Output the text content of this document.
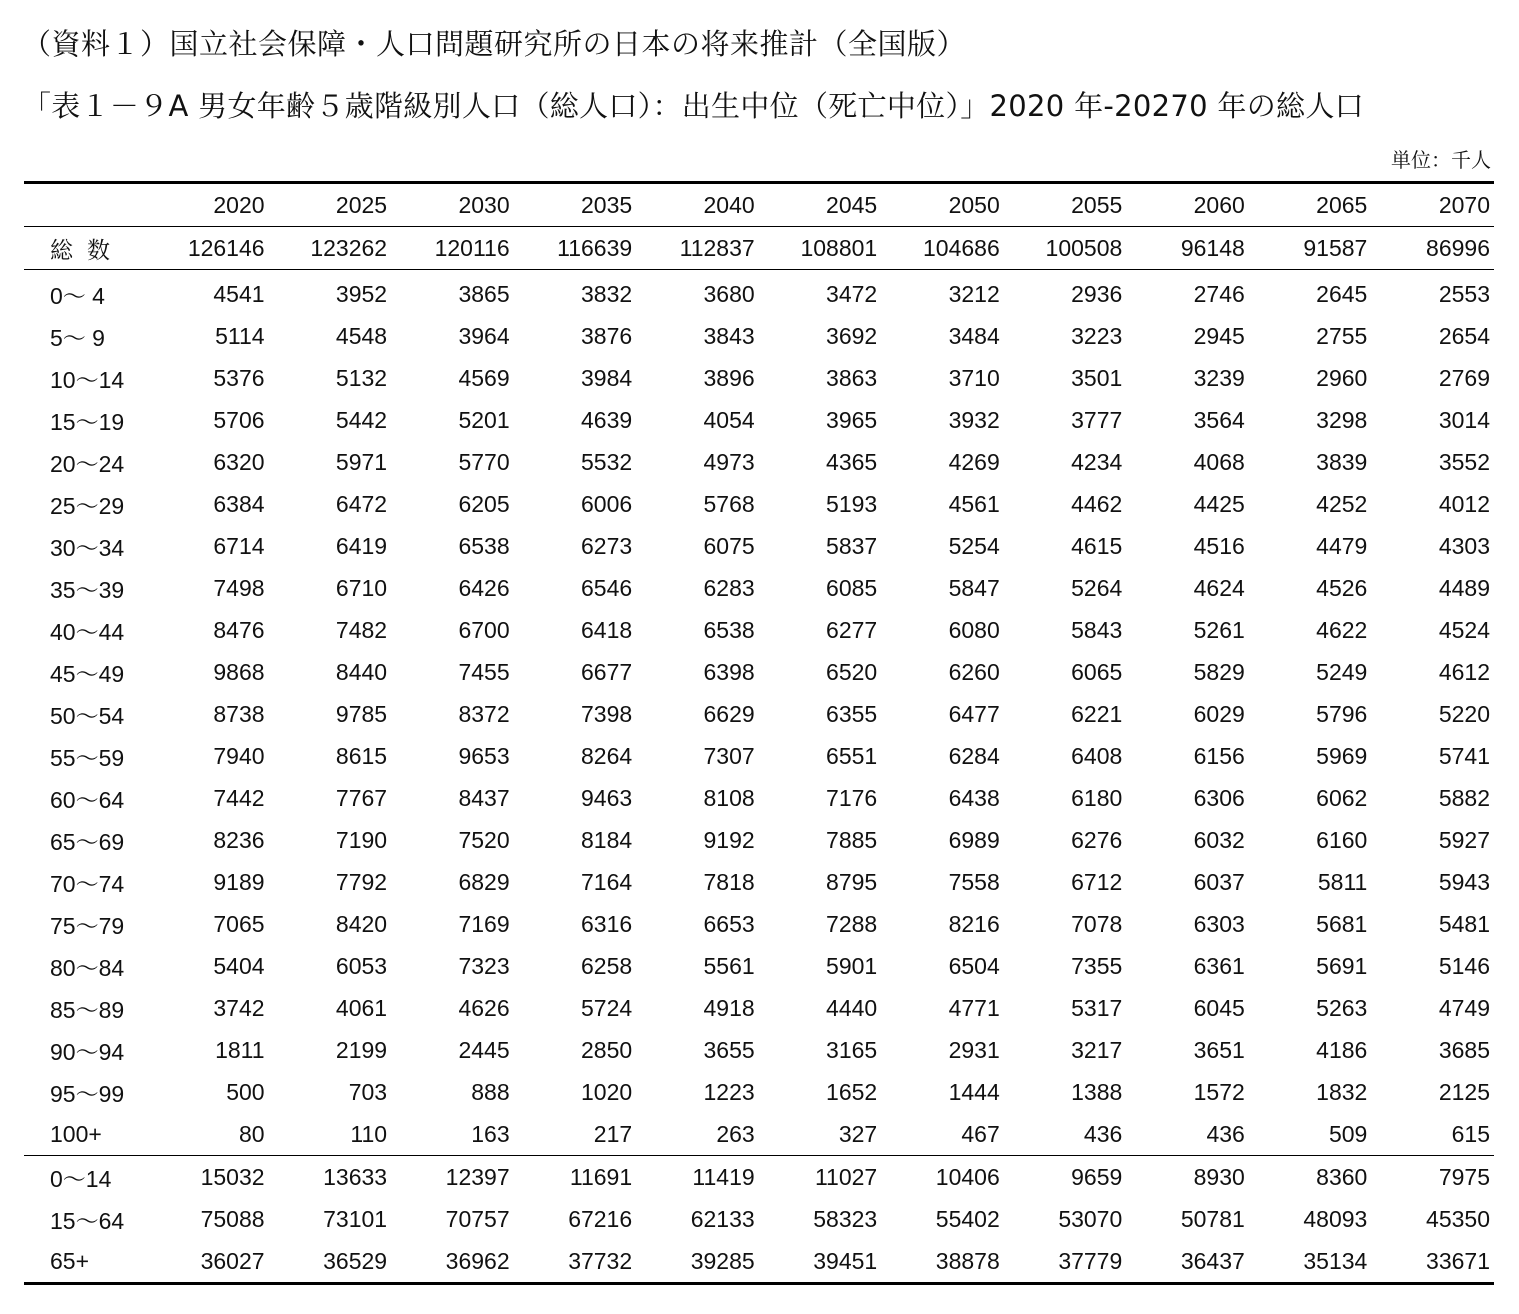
（資料１）国立社会保障・人口問題研究所の日本の将来推計（全国版）
「表１－９A 男女年齢５歳階級別人口（総人口）：出生中位（死亡中位）」2020 年-20270 年の総人口
単位：千人
	2020	2025	2030	2035	2040	2045	2050	2055	2060	2065	2070
総数	126146	123262	120116	116639	112837	108801	104686	100508	96148	91587	86996
0～ 4	4541	3952	3865	3832	3680	3472	3212	2936	2746	2645	2553
5～ 9	5114	4548	3964	3876	3843	3692	3484	3223	2945	2755	2654
10～14	5376	5132	4569	3984	3896	3863	3710	3501	3239	2960	2769
15～19	5706	5442	5201	4639	4054	3965	3932	3777	3564	3298	3014
20～24	6320	5971	5770	5532	4973	4365	4269	4234	4068	3839	3552
25～29	6384	6472	6205	6006	5768	5193	4561	4462	4425	4252	4012
30～34	6714	6419	6538	6273	6075	5837	5254	4615	4516	4479	4303
35～39	7498	6710	6426	6546	6283	6085	5847	5264	4624	4526	4489
40～44	8476	7482	6700	6418	6538	6277	6080	5843	5261	4622	4524
45～49	9868	8440	7455	6677	6398	6520	6260	6065	5829	5249	4612
50～54	8738	9785	8372	7398	6629	6355	6477	6221	6029	5796	5220
55～59	7940	8615	9653	8264	7307	6551	6284	6408	6156	5969	5741
60～64	7442	7767	8437	9463	8108	7176	6438	6180	6306	6062	5882
65～69	8236	7190	7520	8184	9192	7885	6989	6276	6032	6160	5927
70～74	9189	7792	6829	7164	7818	8795	7558	6712	6037	5811	5943
75～79	7065	8420	7169	6316	6653	7288	8216	7078	6303	5681	5481
80～84	5404	6053	7323	6258	5561	5901	6504	7355	6361	5691	5146
85～89	3742	4061	4626	5724	4918	4440	4771	5317	6045	5263	4749
90～94	1811	2199	2445	2850	3655	3165	2931	3217	3651	4186	3685
95～99	500	703	888	1020	1223	1652	1444	1388	1572	1832	2125
100+	80	110	163	217	263	327	467	436	436	509	615
0～14	15032	13633	12397	11691	11419	11027	10406	9659	8930	8360	7975
15～64	75088	73101	70757	67216	62133	58323	55402	53070	50781	48093	45350
65+	36027	36529	36962	37732	39285	39451	38878	37779	36437	35134	33671
